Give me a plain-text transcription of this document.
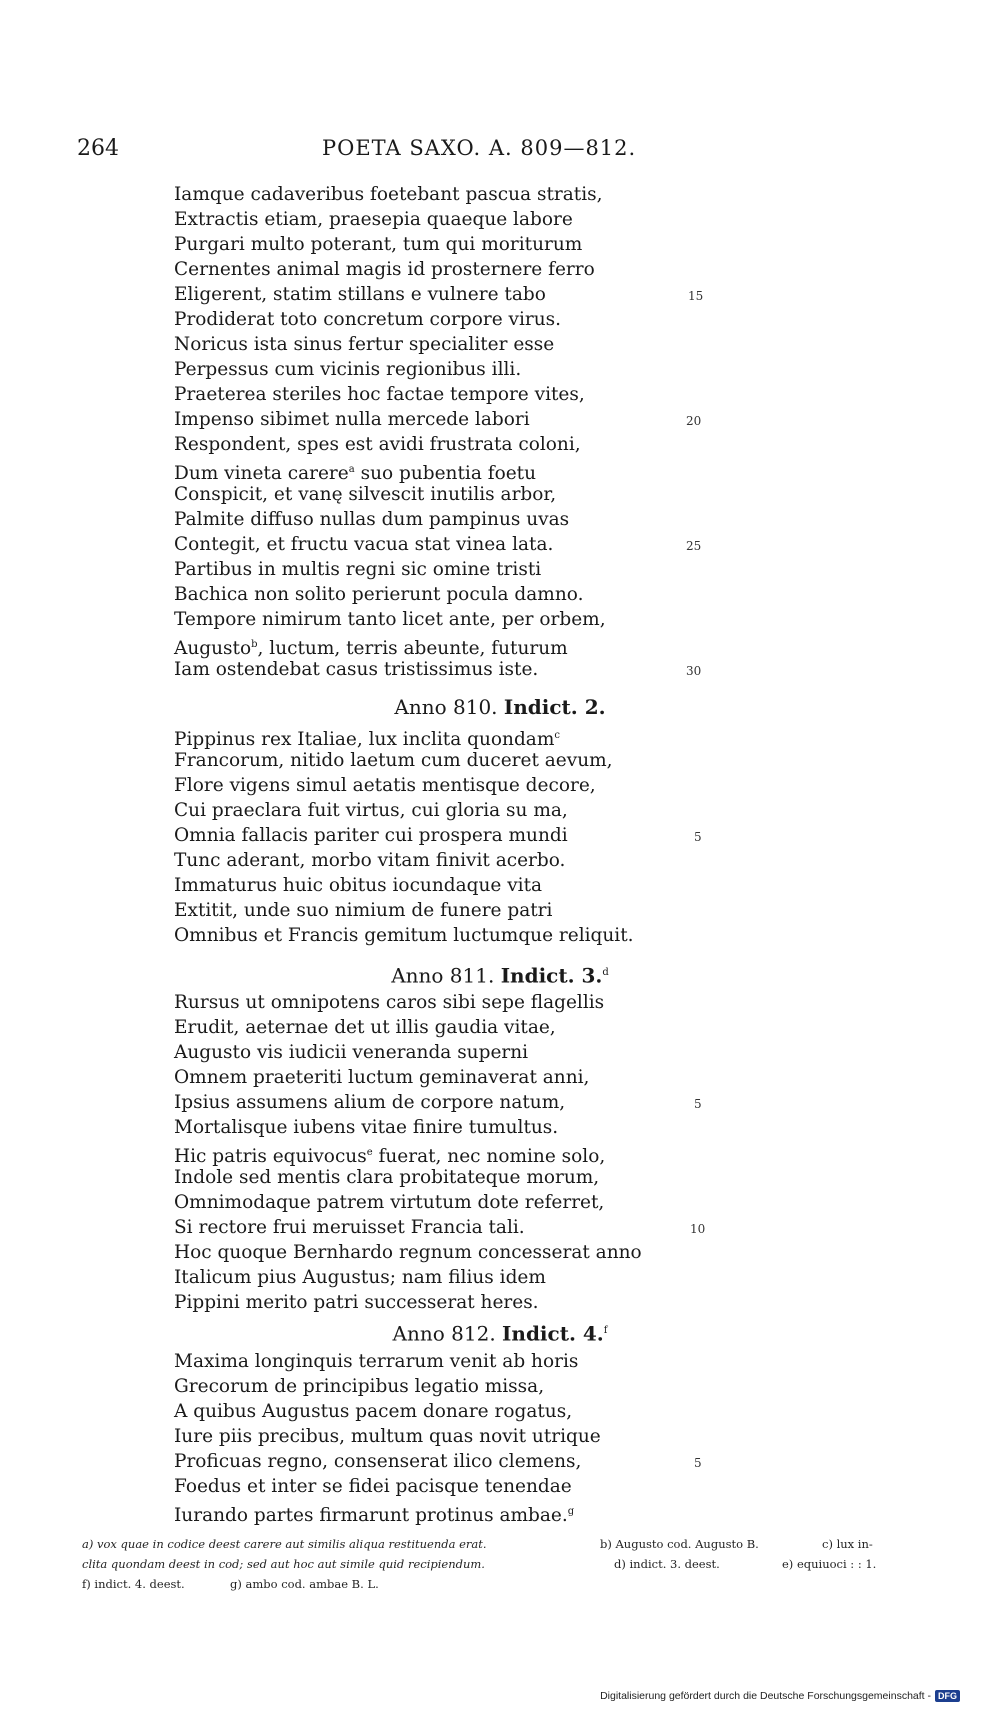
264	POETA SAXO. A. 809—812.
Iamque cadaveribus foetebant pascua stratis,
Extractis etiam, praesepia quaeque labore
Purgari multo poterant, tum qui moriturum
Cernentes animal magis id prosternere ferro
Eligerent, statim stillans e vulnere tabo
Prodiderat toto concretum corpore virus.
Noricus ista sinus fertur specialiter esse
Perpessus cum vicinis regionibus illi.
Praeterea steriles hoc factae tempore vites,
Impenso sibimet nulla mercede labori
Respondent, spes est avidi frustrata coloni,
Dum vineta carere$^a$ suo pubentia foetu
Conspicit, et vanę silvescit inutilis arbor,
Palmite diffuso nullas dum pampinus uvas
Contegit, et fructu vacua stat vinea lata.
Partibus in multis regni sic omine tristi
Bachica non solito perierunt pocula damno.
Tempore nimirum tanto licet ante, per orbem,
Augusto$^b$, luctum, terris abeunte, futurum
Iam ostendebat casus tristissimus iste.
15
20
25
30
Anno 810. Indict. 2.
Pippinus rex Italiae, lux inclita quondam$^c$
Francorum, nitido laetum cum duceret aevum,
Flore vigens simul aetatis mentisque decore,
Cui praeclara fuit virtus, cui gloria su ma,
Omnia fallacis pariter cui prospera mundi
Tunc aderant, morbo vitam finivit acerbo.
Immaturus huic obitus iocundaque vita
Extitit, unde suo nimium de funere patri
Omnibus et Francis gemitum luctumque reliquit.
5
Anno 811. Indict. 3.$^d$
Rursus ut omnipotens caros sibi sepe flagellis
Erudit, aeternae det ut illis gaudia vitae,
Augusto vis iudicii veneranda superni
Omnem praeteriti luctum geminaverat anni,
Ipsius assumens alium de corpore natum,
Mortalisque iubens vitae finire tumultus.
Hic patris equivocus$^e$ fuerat, nec nomine solo,
Indole sed mentis clara probitateque morum,
Omnimodaque patrem virtutum dote referret,
Si rectore frui meruisset Francia tali.
Hoc quoque Bernhardo regnum concesserat anno
Italicum pius Augustus; nam filius idem
Pippini merito patri successerat heres.
5
10
Anno 812. Indict. 4.$^f$
Maxima longinquis terrarum venit ab horis
Grecorum de principibus legatio missa,
A quibus Augustus pacem donare rogatus,
Iure piis precibus, multum quas novit utrique
Proficuas regno, consenserat ilico clemens,
Foedus et inter se fidei pacisque tenendae
Iurando partes firmarunt protinus ambae.$^g$
5
a) vox quae in codice deest carere aut similis aliqua restituenda erat.	b) Augusto cod. Augusto B.	c) lux in-
clita quondam deest in cod; sed aut hoc aut simile quid recipiendum.	d) indict. 3. deest.	e) equiuoci : : 1.
f) indict. 4. deest.	g) ambo cod. ambae B. L.
Digitalisierung gefördert durch die Deutsche Forschungsgemeinschaft - DFG
